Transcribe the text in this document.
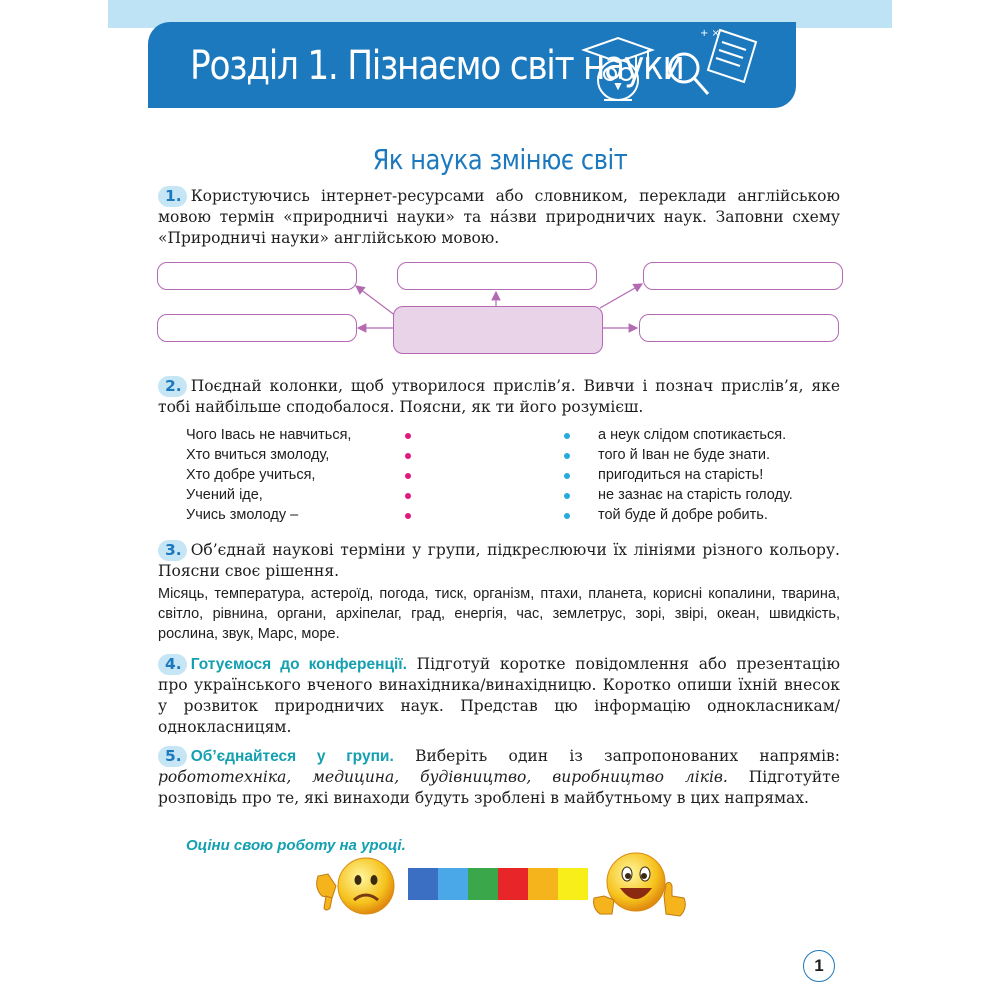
Розділ 1. Пізнаємо світ науки
+ ×
Як наука змінює світ
1. Користуючись інтернет-ресурсами або словником, переклади англійською мовою термін «природничі науки» та на́зви природничих наук. Заповни схему «Природничі науки» англійською мовою.
2. Поєднай колонки, щоб утворилося прислів’я. Вивчи і познач прислів’я, яке тобі найбільше сподобалося. Поясни, як ти його розумієш.
Чого Івась не навчиться,
Хто вчиться змолоду,
Хто добре учиться,
Учений іде,
Учись змолоду –
а неук слідом спотикається.
того й Іван не буде знати.
пригодиться на старість!
не зазнає на старість голоду.
той буде й добре робить.
3. Об’єднай наукові терміни у групи, підкреслюючи їх лініями різного кольору. Поясни своє рішення.
Місяць, температура, астероїд, погода, тиск, організм, птахи, планета, корисні копалини, тварина, світло, рівнина, органи, архіпелаг, град, енергія, час, землетрус, зорі, звірі, океан, швидкість, рослина, звук, Марс, море.
4. Готуємося до конференції. Підготуй коротке повідомлення або презентацію про українського вченого винахідника/винахідницю. Коротко опиши їхній внесок у розвиток природничих наук. Представ цю інформацію однокласникам/однокласницям.
5. Об’єднайтеся у групи. Виберіть один із запропонованих напрямів: робототехніка, медицина, будівництво, виробництво ліків. Підготуйте розповідь про те, які винаходи будуть зроблені в майбутньому в цих напрямах.
Оціни свою роботу на уроці.
1
